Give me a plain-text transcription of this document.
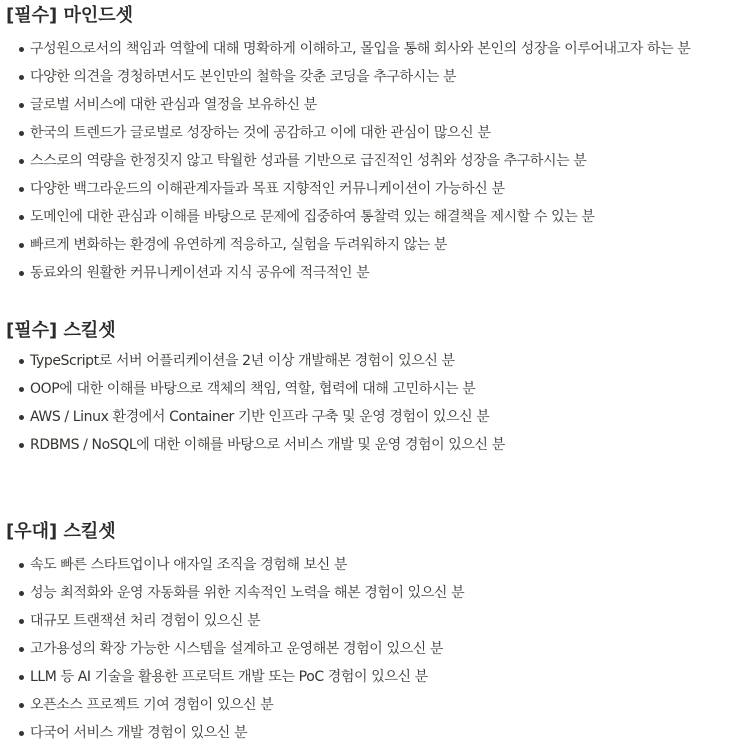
[필수] 마인드셋
구성원으로서의 책임과 역할에 대해 명확하게 이해하고, 몰입을 통해 회사와 본인의 성장을 이루어내고자 하는 분
다양한 의견을 경청하면서도 본인만의 철학을 갖춘 코딩을 추구하시는 분
글로벌 서비스에 대한 관심과 열정을 보유하신 분
한국의 트렌드가 글로벌로 성장하는 것에 공감하고 이에 대한 관심이 많으신 분
스스로의 역량을 한정짓지 않고 탁월한 성과를 기반으로 급진적인 성취와 성장을 추구하시는 분
다양한 백그라운드의 이해관계자들과 목표 지향적인 커뮤니케이션이 가능하신 분
도메인에 대한 관심과 이해를 바탕으로 문제에 집중하여 통찰력 있는 해결책을 제시할 수 있는 분
빠르게 변화하는 환경에 유연하게 적응하고, 실험을 두려워하지 않는 분
동료와의 원활한 커뮤니케이션과 지식 공유에 적극적인 분
[필수] 스킬셋
TypeScript로 서버 어플리케이션을 2년 이상 개발해본 경험이 있으신 분
OOP에 대한 이해를 바탕으로 객체의 책임, 역할, 협력에 대해 고민하시는 분
AWS / Linux 환경에서 Container 기반 인프라 구축 및 운영 경험이 있으신 분
RDBMS / NoSQL에 대한 이해를 바탕으로 서비스 개발 및 운영 경험이 있으신 분
[우대] 스킬셋
속도 빠른 스타트업이나 애자일 조직을 경험해 보신 분
성능 최적화와 운영 자동화를 위한 지속적인 노력을 해본 경험이 있으신 분
대규모 트랜잭션 처리 경험이 있으신 분
고가용성의 확장 가능한 시스템을 설계하고 운영해본 경험이 있으신 분
LLM 등 AI 기술을 활용한 프로덕트 개발 또는 PoC 경험이 있으신 분
오픈소스 프로젝트 기여 경험이 있으신 분
다국어 서비스 개발 경험이 있으신 분
